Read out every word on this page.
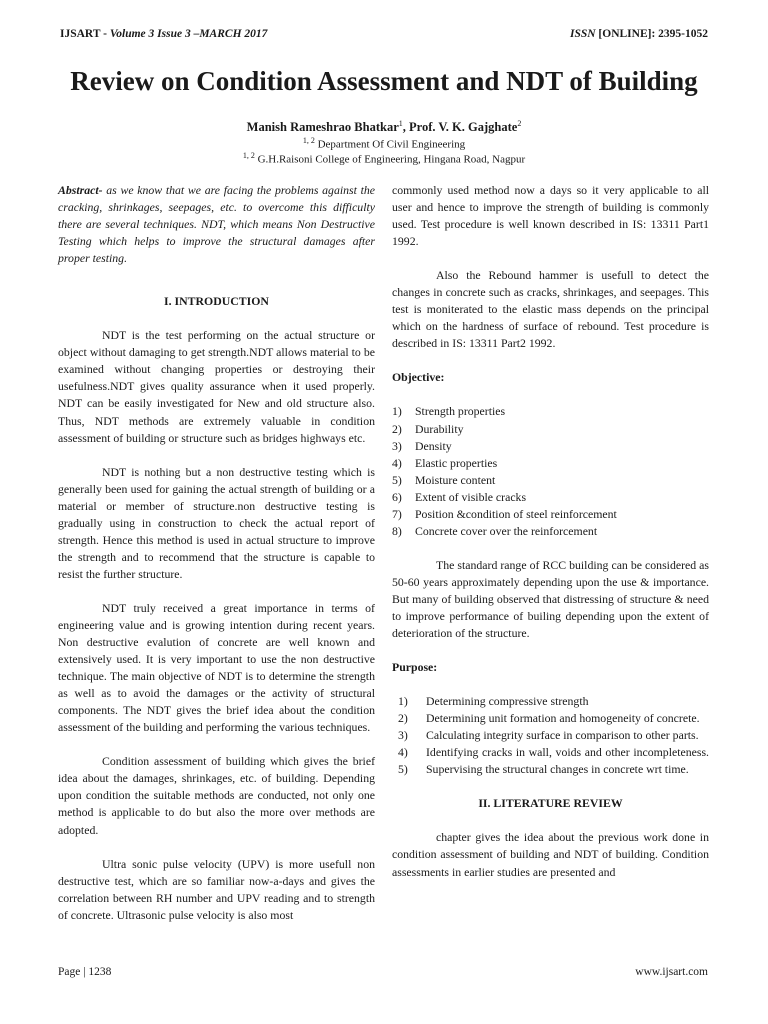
IJSART - Volume 3 Issue 3 –MARCH 2017	ISSN [ONLINE]: 2395-1052
Review on Condition Assessment and NDT of Building
Manish Rameshrao Bhatkar$^1$, Prof. V. K. Gajghate$^2$
$^{1, 2}$ Department Of Civil Engineering
$^{1, 2}$ G.H.Raisoni College of Engineering, Hingana Road, Nagpur

Abstract- as we know that we are facing the problems against the cracking, shrinkages, seepages, etc. to overcome this difficulty there are several techniques. NDT, which means Non Destructive Testing which helps to improve the structural damages after proper testing.

I. INTRODUCTION

NDT is the test performing on the actual structure or object without damaging to get strength.NDT allows material to be examined without changing properties or destroying their usefulness.NDT gives quality assurance when it used properly. NDT can be easily investigated for New and old structure also. Thus, NDT methods are extremely valuable in condition assessment of building or structure such as bridges highways etc.

NDT is nothing but a non destructive testing which is generally been used for gaining the actual strength of building or a material or member of structure.non destructive testing is gradually using in construction to check the actual report of strength. Hence this method is used in actual structure to improve the strength and to recommend that the structure is capable to resist the further structure.

NDT truly received a great importance in terms of engineering value and is growing intention during recent years. Non destructive evalution of concrete are well known and extensively used. It is very important to use the non destructive technique. The main objective of NDT is to determine the strength as well as to avoid the damages or the activity of structural components. The NDT gives the brief idea about the condition assessment of the building and performing the various techniques.

Condition assessment of building which gives the brief idea about the damages, shrinkages, etc. of building. Depending upon condition the suitable methods are conducted, not only one method is applicable to do but also the more over methods are adopted.

Ultra sonic pulse velocity (UPV) is more usefull non destructive test, which are so familiar now-a-days and gives the correlation between RH number and UPV reading and to strength of concrete. Ultrasonic pulse velocity is also most

commonly used method now a days so it very applicable to all user and hence to improve the strength of building is commonly used. Test procedure is well known described in IS: 13311 Part1 1992.

Also the Rebound hammer is usefull to detect the changes in concrete such as cracks, shrinkages, and seepages. This test is moniterated to the elastic mass depends on the principal which on the hardness of surface of rebound. Test procedure is described in IS: 13311 Part2 1992.

Objective:

1) Strength properties
2) Durability
3) Density
4) Elastic properties
5) Moisture content
6) Extent of visible cracks
7) Position &condition of steel reinforcement
8) Concrete cover over the reinforcement

The standard range of RCC building can be considered as 50-60 years approximately depending upon the use & importance. But many of building observed that distressing of structure & need to improve performance of builing depending upon the extent of deterioration of the structure.

Purpose:

1) Determining compressive strength
2) Determining unit formation and homogeneity of concrete.
3) Calculating integrity surface in comparison to other parts.
4) Identifying cracks in wall, voids and other incompleteness.
5) Supervising the structural changes in concrete wrt time.

II. LITERATURE REVIEW

chapter gives the idea about the previous work done in condition assessment of building and NDT of building. Condition assessments in earlier studies are presented and

Page | 1238	www.ijsart.com
